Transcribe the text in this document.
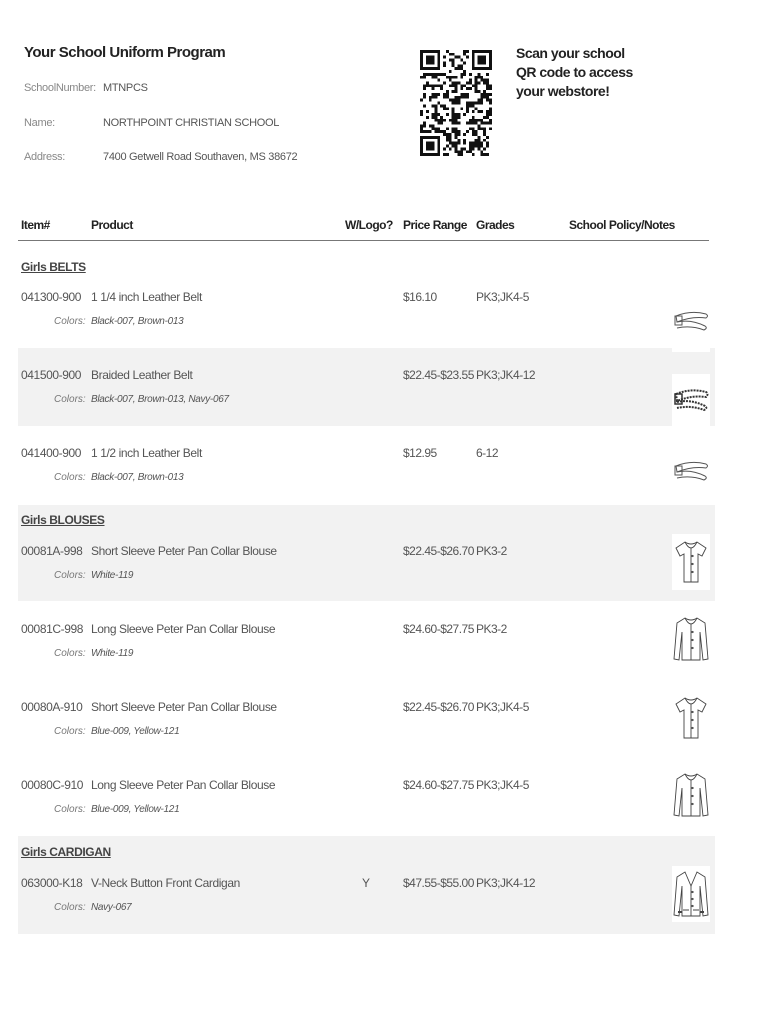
Your School Uniform Program
SchoolNumber: MTNPCS
Name:	NORTHPOINT CHRISTIAN SCHOOL
Address:	7400 Getwell Road Southaven, MS 38672
Scan your school QR code to access your webstore!
Item#	Product	W/Logo? Price Range Grades	School Policy/Notes
Girls BELTS
041300-900 1 1/4 inch Leather Belt	$16.10	PK3;JK4-5
Colors: Black-007, Brown-013
041500-900 Braided Leather Belt	$22.45-$23.55 PK3;JK4-12
Colors: Black-007, Brown-013, Navy-067
041400-900 1 1/2 inch Leather Belt	$12.95	6-12
Colors: Black-007, Brown-013
Girls BLOUSES
00081A-998 Short Sleeve Peter Pan Collar Blouse	$22.45-$26.70 PK3-2
Colors: White-119
00081C-998 Long Sleeve Peter Pan Collar Blouse	$24.60-$27.75 PK3-2
Colors: White-119
00080A-910 Short Sleeve Peter Pan Collar Blouse	$22.45-$26.70 PK3;JK4-5
Colors: Blue-009, Yellow-121
00080C-910 Long Sleeve Peter Pan Collar Blouse	$24.60-$27.75 PK3;JK4-5
Colors: Blue-009, Yellow-121
Girls CARDIGAN
063000-K18 V-Neck Button Front Cardigan	Y	$47.55-$55.00 PK3;JK4-12
Colors: Navy-067
